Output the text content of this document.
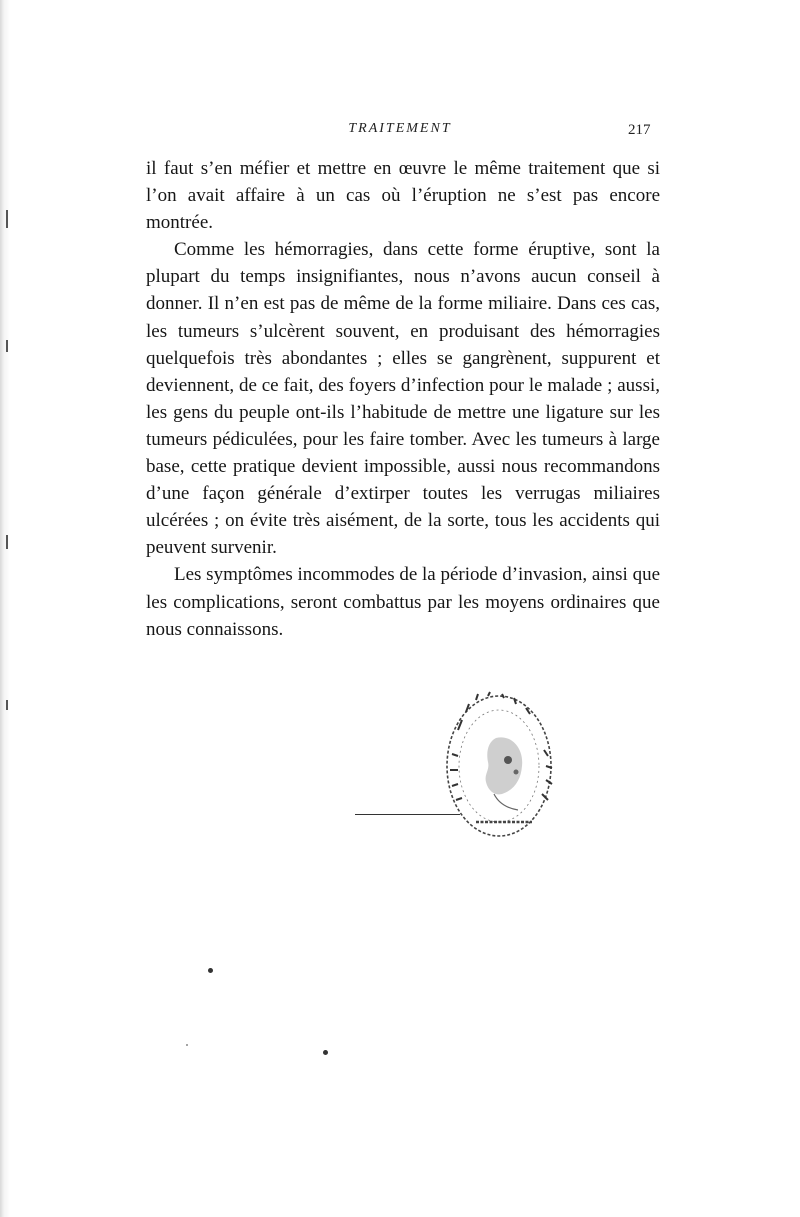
TRAITEMENT	217

il faut s’en méfier et mettre en œuvre le même traitement que si l’on avait affaire à un cas où l’éruption ne s’est pas encore montrée.

Comme les hémorragies, dans cette forme éruptive, sont la plupart du temps insignifiantes, nous n’avons aucun conseil à donner. Il n’en est pas de même de la forme miliaire. Dans ces cas, les tumeurs s’ulcèrent souvent, en produisant des hémorragies quelquefois très abondantes ; elles se gangrènent, suppurent et deviennent, de ce fait, des foyers d’infection pour le malade ; aussi, les gens du peuple ont-ils l’habitude de mettre une ligature sur les tumeurs pédiculées, pour les faire tomber. Avec les tumeurs à large base, cette pratique devient impossible, aussi nous recommandons d’une façon générale d’extirper toutes les verrugas miliaires ulcérées ; on évite très aisément, de la sorte, tous les accidents qui peuvent survenir.

Les symptômes incommodes de la période d’invasion, ainsi que les complications, seront combattus par les moyens ordinaires que nous connaissons.
